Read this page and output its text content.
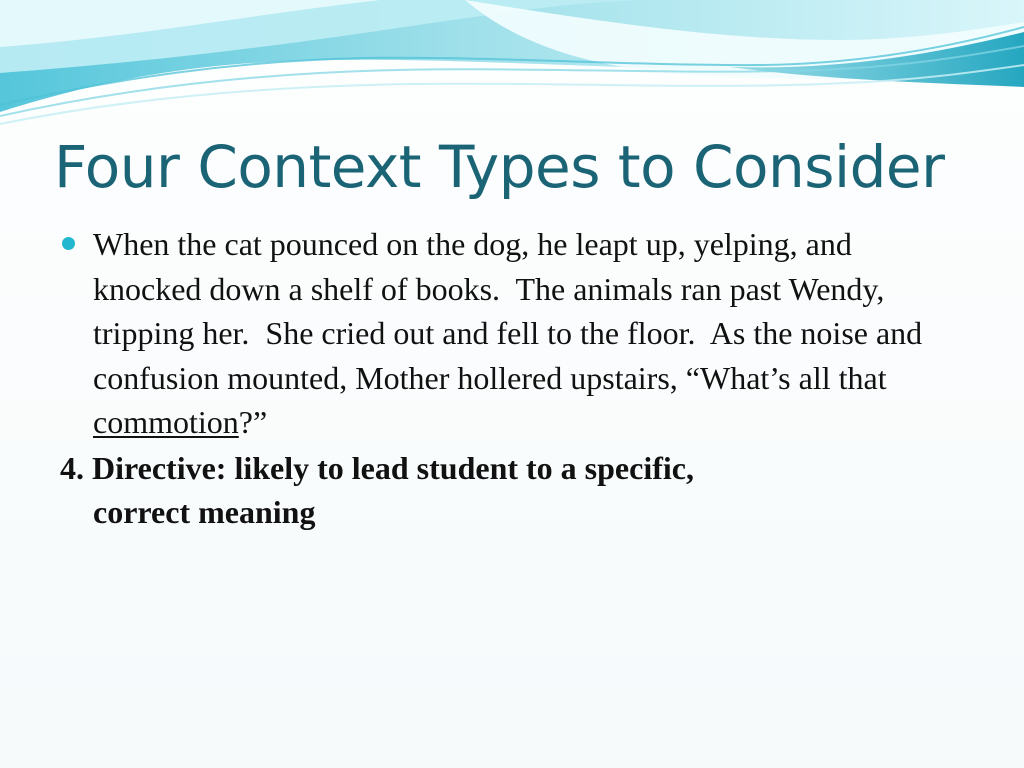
Four Context Types to Consider
When the cat pounced on the dog, he leapt up, yelping, and knocked down a shelf of books.  The animals ran past Wendy, tripping her.  She cried out and fell to the floor.  As the noise and confusion mounted, Mother hollered upstairs, “What’s all that commotion?”
4. Directive: likely to lead student to a specific,
correct meaning
